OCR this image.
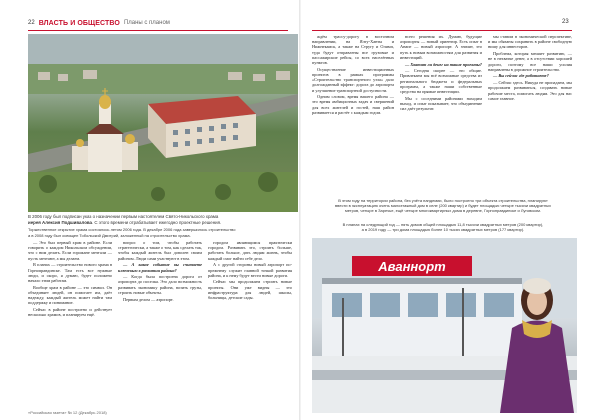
22 ВЛАСТЬ И ОБЩЕСТВО Планы с планом	23
В 2006 году был подписан указ о назначении первым настоятелем Свято-Никольского храма
иерея Алексия Подшивалова. С этого времени отрабатывает ежегодно проектные решения.
Торжественное открытие храма состоялось летом 2006 года. В декабре 2006 года завершилось строительство
а в 2008 году был освящен Тобольский Дмитрий, заложенный на строительство храма.

ждём трассу-дорогу в восточном направлении, на Ялту-Ханты и Нижнекамск, а также на Стругу и Олимп, туда будут отправлены все грузовые и пассажирские рейсы, со всех населённых пунктов.

Осуществление инвестиционных проектов в рамках программы «Строительство транспортного узла» дало долгожданный эффект: дорога до аэропорта и улучшение транспортной доступности.

Одним словом, время вашего района — это время амбициозных задач и свершений для всех жителей и гостей, наш район развивается и растёт с каждым годом.

всего решения их. Думаю, будущие аэропорты — новый ориентир. Есть опыт в Анапе — новый аэропорт. А значит, это путь к новым возможностям для развития и инвестиций.

— Хватит ли денег на такие проекты?

— Сегодня скорее — это общие. Привлекаем мы всё возможные средства из регионального бюджета и федеральных программ, а также наши собственные средства на прямые инвестиции.

Мы с соседними районами находим выход, и опыт показывает, что объединение сил даёт результат.

мы ставим в экономической перспективе, и мы обязаны сохранить в районе свободную нишу для инвесторов.

Проблема, которая мешает развитию, — не в нехватке денег, а в отсутствии хорошей дороги, поэтому все наши усилия направлены в дорожное строительство.

— Вы сейчас где работаете?

— Сейчас здесь. Никуда не пропадаем, мы продолжаем развиваться, создавать новые рабочие места, помогать людям. Это для нас самое главное.

В этом году на территории района, без учёта пандемии, было построено три объекта строительства, планируют
ввести в эксплуатацию очень малоэтажный дом в селе (200 квартир) и будет площадью четыре тысячи квадратных
метров, четыре в Заречье, ещё четыре многоквартирных дома в деревне, Горноправдинске и Луговском.
В планах на следующий год — пять домов общей площадью 11,8 тысячи квадратных метров (200 квартир),
а в 2019 году — три дома площадью более 10 тысяч квадратных метров (177 квартир).

— Это был первый храм в районе. Если говорить о каждом Никольском обсуждении, что с ним делать. Если горожане мечтали — пусть мечтают, а мы делаем.

В планах — строительство нового храма в Горноправдинске. Там есть все нужные люди, и скоро, я думаю, будет положено начало этим работам.

Вообще храм в районе — это символ. Он объединяет людей, он помогает им, даёт надежду, каждый житель может найти там поддержку и понимание.

Сейчас в районе построено и действует несколько храмов, и планируем ещё.

вопрос о том, чтобы работать стратегически, а также о том, как сделать так, чтобы каждый житель был доволен своим районом. Люди сами участвуют в этом.

— А какое событие вы считаете ключевым в развитии района?

— Когда была построена дорога от аэропорта до поселка. Это дало возможность развивать экономику района, возить грузы, строить новые объекты.

Первым делом — аэропорт.

городом являющимся практически городом. Развивать это, строить больше, работать больше, дать людям жизнь, чтобы каждый смог найти себе дело.

А с другой стороны новый аэропорт по-прежнему служит главной точкой развития района, и к нему будут вести новые дороги.

Сейчас мы продолжаем строить новые проекты. Они уже видны — это инфраструктура для людей, школы, больницы, детские сады.

Аваннорт
«Российская газета» № 12 (Декабрь 2018)
